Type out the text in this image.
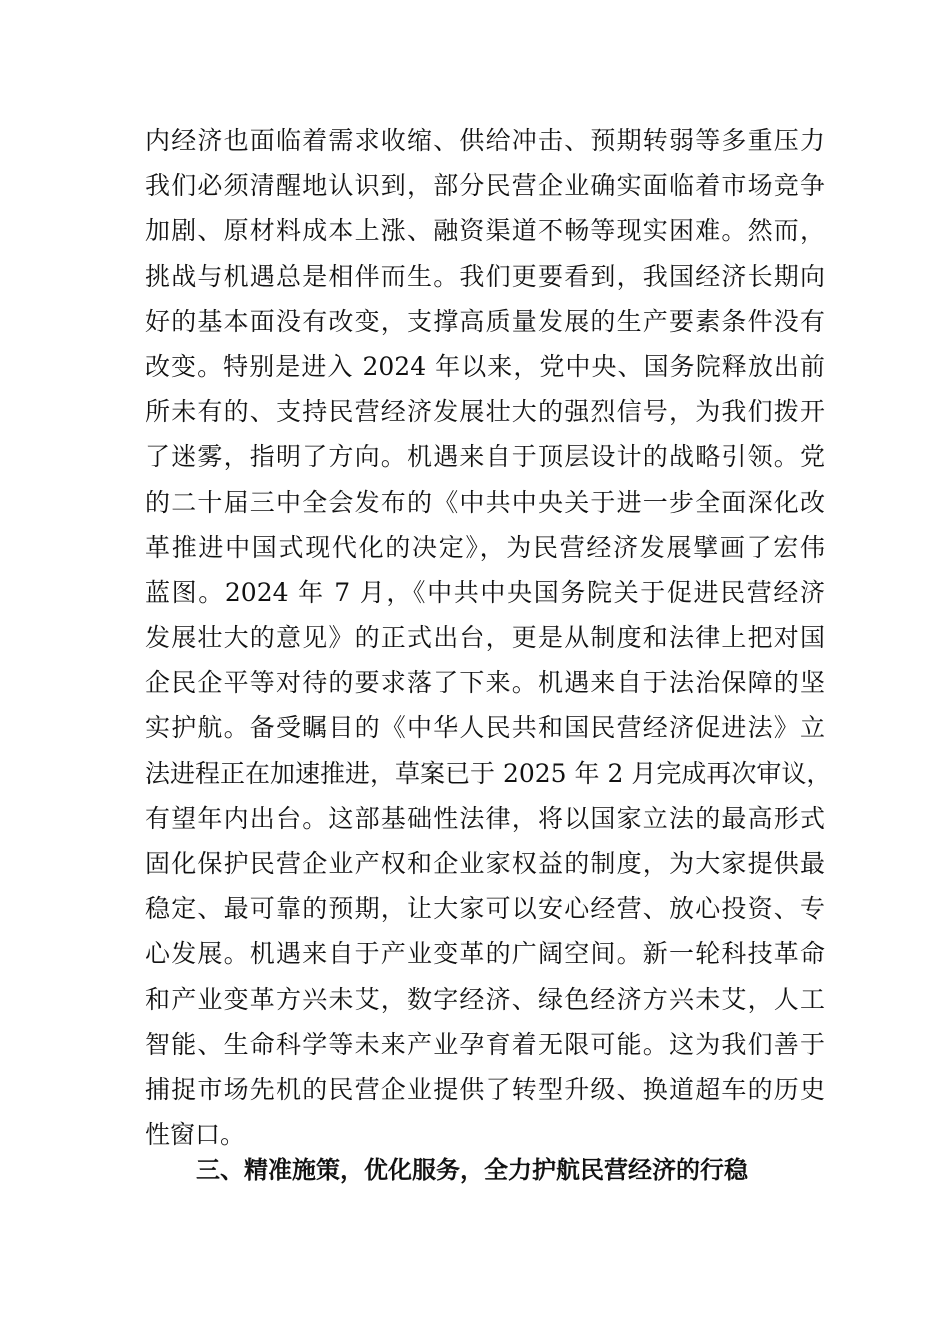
内经济也面临着需求收缩、供给冲击、预期转弱等多重压力
我们必须清醒地认识到，部分民营企业确实面临着市场竞争
加剧、原材料成本上涨、融资渠道不畅等现实困难。然而，
挑战与机遇总是相伴而生。我们更要看到，我国经济长期向
好的基本面没有改变，支撑高质量发展的生产要素条件没有
改变。特别是进入 2024 年以来，党中央、国务院释放出前
所未有的、支持民营经济发展壮大的强烈信号，为我们拨开
了迷雾，指明了方向。机遇来自于顶层设计的战略引领。党
的二十届三中全会发布的《中共中央关于进一步全面深化改
革推进中国式现代化的决定》，为民营经济发展擘画了宏伟
蓝图。2024 年 7 月，《中共中央国务院关于促进民营经济
发展壮大的意见》的正式出台，更是从制度和法律上把对国
企民企平等对待的要求落了下来。机遇来自于法治保障的坚
实护航。备受瞩目的《中华人民共和国民营经济促进法》立
法进程正在加速推进，草案已于 2025 年 2 月完成再次审议，
有望年内出台。这部基础性法律，将以国家立法的最高形式
固化保护民营企业产权和企业家权益的制度，为大家提供最
稳定、最可靠的预期，让大家可以安心经营、放心投资、专
心发展。机遇来自于产业变革的广阔空间。新一轮科技革命
和产业变革方兴未艾，数字经济、绿色经济方兴未艾，人工
智能、生命科学等未来产业孕育着无限可能。这为我们善于
捕捉市场先机的民营企业提供了转型升级、换道超车的历史
性窗口。
三、精准施策，优化服务，全力护航民营经济的行稳
